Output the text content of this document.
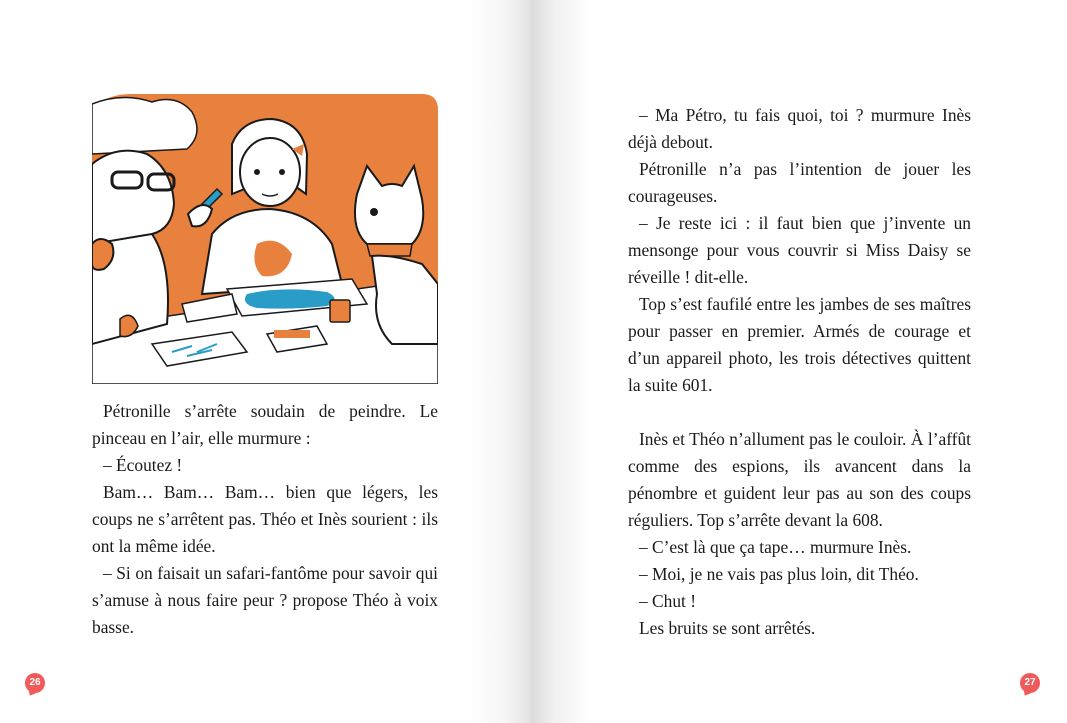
Pétronille s’arrête soudain de peindre. Le pinceau en l’air, elle murmure :

– Écoutez !

Bam… Bam… Bam… bien que légers, les coups ne s’arrêtent pas. Théo et Inès sourient : ils ont la même idée.

– Si on faisait un safari-fantôme pour savoir qui s’amuse à nous faire peur ? propose Théo à voix basse.

26

– Ma Pétro, tu fais quoi, toi ? murmure Inès déjà debout.

Pétronille n’a pas l’intention de jouer les courageuses.

– Je reste ici : il faut bien que j’invente un mensonge pour vous couvrir si Miss Daisy se réveille ! dit-elle.

Top s’est faufilé entre les jambes de ses maîtres pour passer en premier. Armés de courage et d’un appareil photo, les trois détectives quittent la suite 601.

Inès et Théo n’allument pas le couloir. À l’affût comme des espions, ils avancent dans la pénombre et guident leur pas au son des coups réguliers. Top s’arrête devant la 608.

– C’est là que ça tape… murmure Inès.

– Moi, je ne vais pas plus loin, dit Théo.

– Chut !

Les bruits se sont arrêtés.

27
